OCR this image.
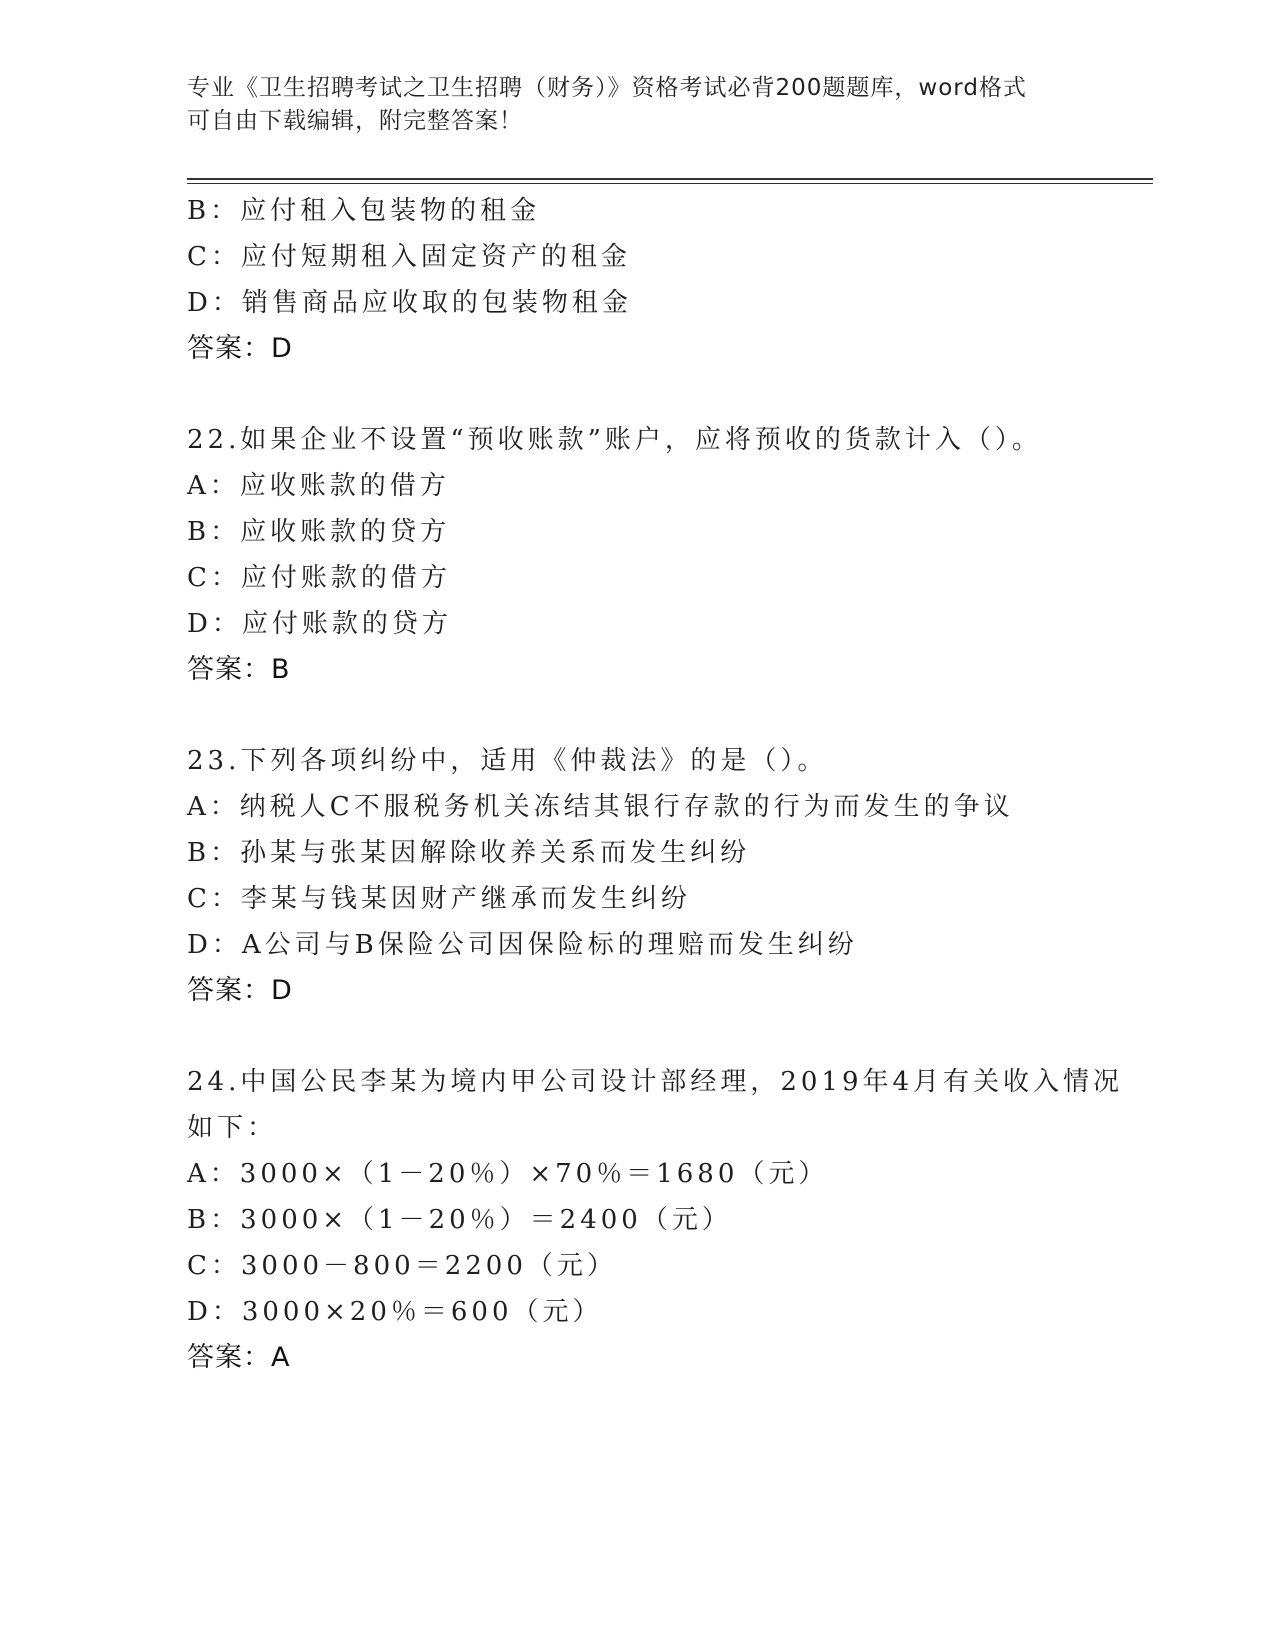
专业《卫生招聘考试之卫生招聘（财务）》资格考试必背200题题库，word格式
可自由下载编辑，附完整答案！
B：应付租入包装物的租金
C：应付短期租入固定资产的租金
D：销售商品应收取的包装物租金
答案：D
22.如果企业不设置“预收账款”账户，应将预收的货款计入（）。
A：应收账款的借方
B：应收账款的贷方
C：应付账款的借方
D：应付账款的贷方
答案：B
23.下列各项纠纷中，适用《仲裁法》的是（）。
A：纳税人C不服税务机关冻结其银行存款的行为而发生的争议
B：孙某与张某因解除收养关系而发生纠纷
C：李某与钱某因财产继承而发生纠纷
D：A公司与B保险公司因保险标的理赔而发生纠纷
答案：D
24.中国公民李某为境内甲公司设计部经理，2019年4月有关收入情况
如下：
A：3000×（1－20％）×70％＝1680（元）
B：3000×（1－20％）＝2400（元）
C：3000－800＝2200（元）
D：3000×20％＝600（元）
答案：A
